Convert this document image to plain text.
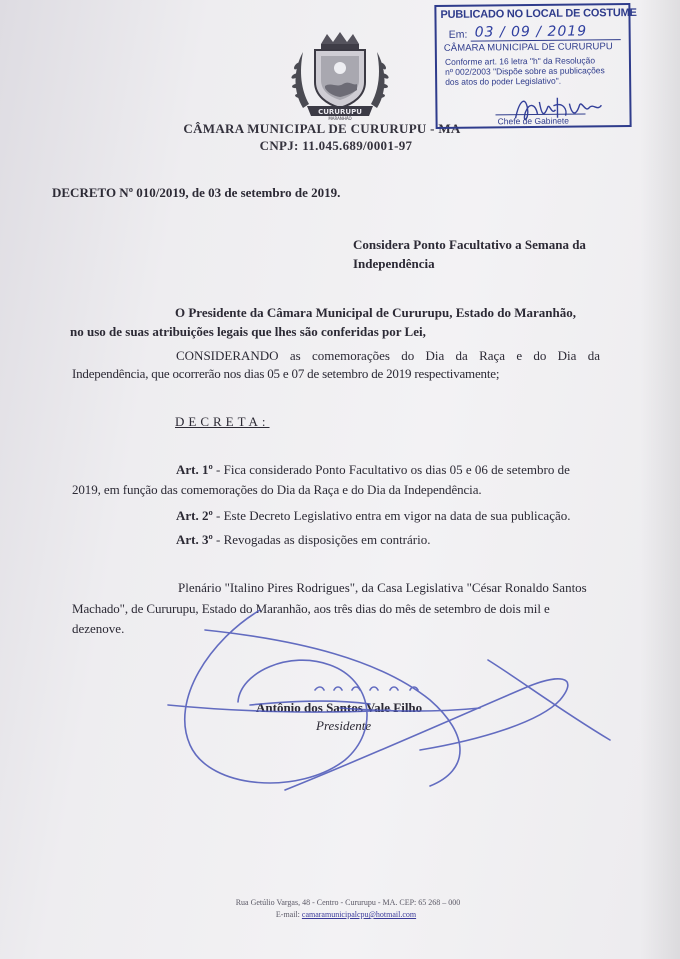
CURURUPU
MARANHÃO
CÂMARA MUNICIPAL DE CURURUPU - MA
CNPJ: 11.045.689/0001-97
PUBLICADO NO LOCAL DE COSTUME
Em: 03 / 09 / 2019
CÂMARA MUNICIPAL DE CURURUPU
Conforme art. 16 letra "h" da Resolução
nº 002/2003 "Dispõe sobre as publicações
dos atos do poder Legislativo".
Chefe de Gabinete
DECRETO Nº 010/2019, de 03 de setembro de 2019.
Considera Ponto Facultativo a Semana da
Independência
O Presidente da Câmara Municipal de Cururupu, Estado do Maranhão,
no uso de suas atribuições legais que lhes são conferidas por Lei,
CONSIDERANDO as comemorações do Dia da Raça e do Dia da
Independência, que ocorrerão nos dias 05 e 07 de setembro de 2019 respectivamente;
DECRETA:
Art. 1º - Fica considerado Ponto Facultativo os dias 05 e 06 de setembro de
2019, em função das comemorações do Dia da Raça e do Dia da Independência.
Art. 2º - Este Decreto Legislativo entra em vigor na data de sua publicação.
Art. 3º - Revogadas as disposições em contrário.
Plenário "Italino Pires Rodrigues", da Casa Legislativa "César Ronaldo Santos
Machado", de Cururupu, Estado do Maranhão, aos três dias do mês de setembro de dois mil e
dezenove.
Antônio dos Santos Vale Filho
Presidente
Rua Getúlio Vargas, 48 - Centro - Cururupu - MA. CEP: 65 268 – 000
E-mail: camaramunicipalcpu@hotmail.com
